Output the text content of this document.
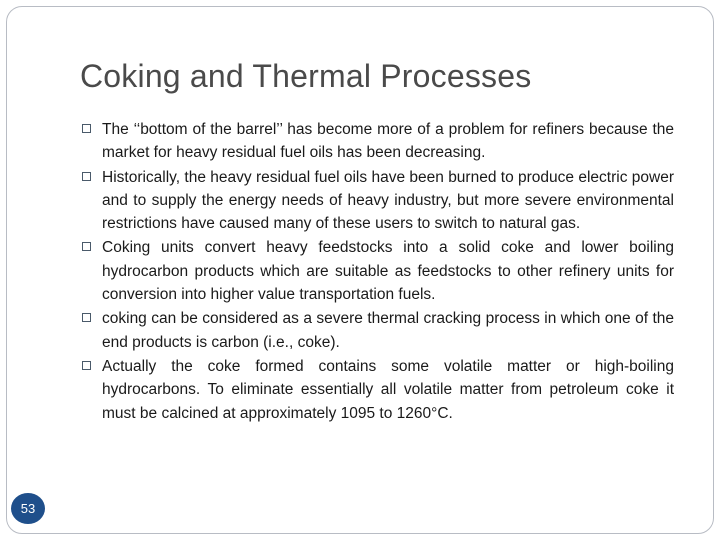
Coking and Thermal Processes
The ‘‘bottom of the barrel’’ has become more of a problem for refiners because the market for heavy residual fuel oils has been decreasing.
Historically, the heavy residual fuel oils have been burned to produce electric power and to supply the energy needs of heavy industry, but more severe environmental restrictions have caused many of these users to switch to natural gas.
Coking units convert heavy feedstocks into a solid coke and lower boiling hydrocarbon products which are suitable as feedstocks to other refinery units for conversion into higher value transportation fuels.
coking can be considered as a severe thermal cracking process in which one of the end products is carbon (i.e., coke).
Actually the coke formed contains some volatile matter or high-boiling hydrocarbons. To eliminate essentially all volatile matter from petroleum coke it must be calcined at approximately 1095 to 1260°C.
53
